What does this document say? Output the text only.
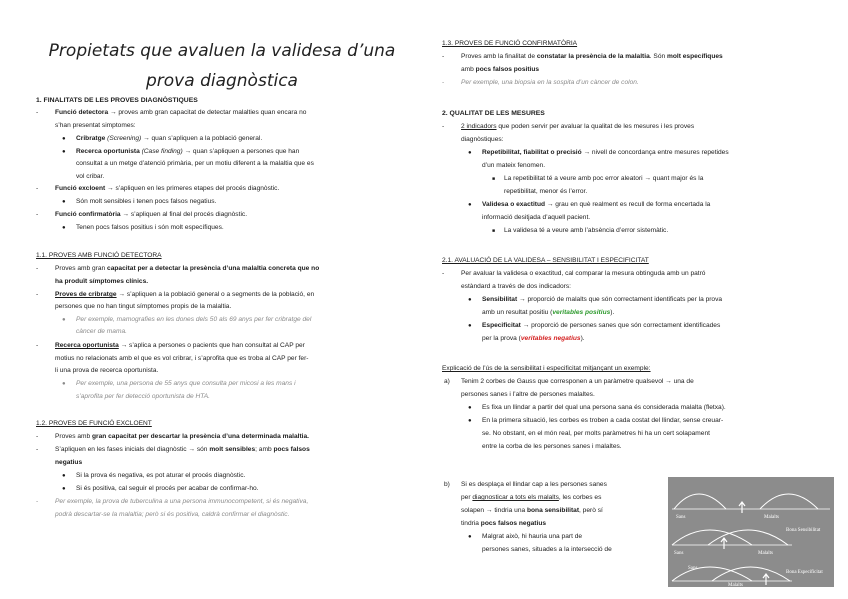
Propietats que avaluen la validesa d’una
prova diagnòstica
1. FINALITATS DE LES PROVES DIAGNÒSTIQUES
-	Funció detectora → proves amb gran capacitat de detectar malalties quan encara no
s’han presentat simptomes:
● Cribratge (Screening) → quan s’apliquen a la població general.
● Recerca oportunista (Case finding) → quan s’apliquen a persones que han
consultat a un metge d’atenció primària, per un motiu diferent a la malaltia que es
vol cribar.
-	Funció excloent → s’apliquen en les primeres etapes del procés diagnòstic.
● Són molt sensibles i tenen pocs falsos negatius.
-	Funció confirmatòria → s’apliquen al final del procés diagnòstic.
● Tenen pocs falsos positius i són molt específiques.
1.1. PROVES AMB FUNCIÓ DETECTORA
-	Proves amb gran capacitat per a detectar la presència d’una malaltia concreta que no
ha produït símptomes clínics.
-	Proves de cribratge → s’apliquen a la població general o a segments de la població, en
persones que no han tingut símptomes propis de la malaltia.
● Per exemple, mamografies en les dones dels 50 als 69 anys per fer cribratge del
càncer de mama.
-	Recerca oportunista → s’aplica a persones o pacients que han consultat al CAP per
motius no relacionats amb el que es vol cribrar, i s’aprofita que es troba al CAP per fer-
li una prova de recerca oportunista.
● Per exemple, una persona de 55 anys que consulta per micosi a les mans i
s’aprofita per fer detecció oportunista de HTA.
1.2. PROVES DE FUNCIÓ EXCLOENT
-	Proves amb gran capacitat per descartar la presència d’una determinada malaltia.
-	S’apliquen en les fases inicials del diagnòstic → són molt sensibles; amb pocs falsos
negatius
● Si la prova és negativa, es pot aturar el procés diagnòstic.
● Si és positiva, cal seguir el procés per acabar de confirmar-ho.
-	Per exemple, la prova de tuberculina a una persona immunocompetent, si és negativa,
podrà descartar-se la malaltia; però si és positiva, caldrà confirmar el diagnòstic.
1.3. PROVES DE FUNCIÓ CONFIRMATÒRIA
-	Proves amb la finalitat de constatar la presència de la malaltia. Són molt específiques
amb pocs falsos positius
-	Per exemple, una biopsia en la sospita d’un càncer de colon.
2. QUALITAT DE LES MESURES
-	2 indicadors que poden servir per avaluar la qualitat de les mesures i les proves
diagnòstiques:
● Repetibilitat, fiabilitat o precisió → nivell de concordança entre mesures repetides
d’un mateix fenomen.
■ La repetibilitat té a veure amb poc error aleatori → quant major és la
repetibilitat, menor és l’error.
● Validesa o exactitud → grau en què realment es recull de forma encertada la
informació desitjada d’aquell pacient.
■ La validesa té a veure amb l’absència d’error sistemàtic.
2.1. AVALUACIÓ DE LA VALIDESA – SENSIBILITAT I ESPECIFICITAT
-	Per avaluar la validesa o exactitud, cal comparar la mesura obtinguda amb un patró
estàndard a través de dos indicadors:
● Sensibilitat → proporció de malalts que són correctament identificats per la prova
amb un resultat positiu (veritables positius).
● Especificitat → proporció de persones sanes que són correctament identificades
per la prova (veritables negatius).
Explicació de l’ús de la sensibilitat i especificitat mitjançant un exemple:
a) Tenim 2 corbes de Gauss que corresponen a un paràmetre qualsevol → una de
persones sanes i l’altre de persones malaltes.
● Es fixa un llindar a partir del qual una persona sana és considerada malalta (fletxa).
● En la primera situació, les corbes es troben a cada costat del llindar, sense creuar-
se. No obstant, en el món real, per molts paràmetres hi ha un cert solapament
entre la corba de les persones sanes i malaltes.
b) Si es desplaça el llindar cap a les persones sanes
per diagnosticar a tots els malalts, les corbes es
solapen → tindria una bona sensibilitat, però sí
tindria pocs falsos negatius
● Malgrat això, hi hauria una part de
persones sanes, situades a la intersecció de
Sans	Malalts
Sans	Malalts
Bona Sensibilitat
Sans
Malalts
Bona Especificitat
